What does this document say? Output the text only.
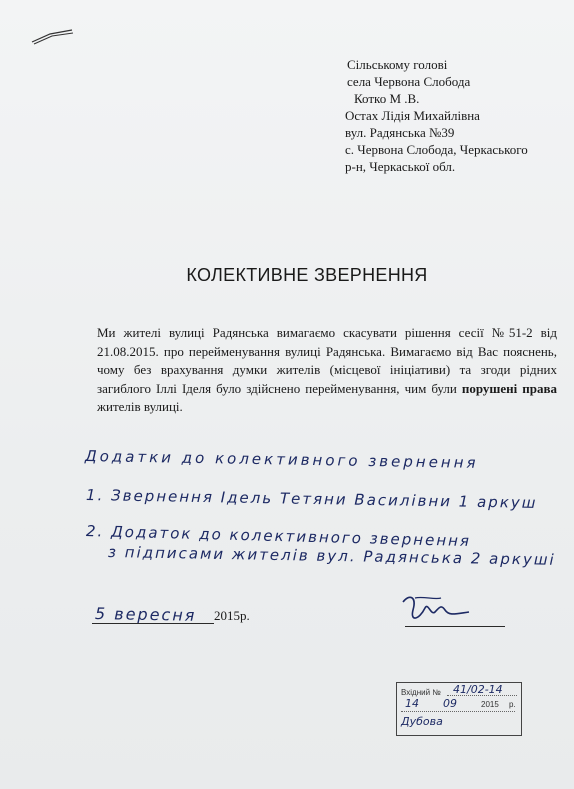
Сільському голові
села Червона Слобода
Котко М .В.
Остах Лідія Михайлівна
вул. Радянська №39
с. Червона Слобода, Черкаського
р-н, Черкаської обл.
КОЛЕКТИВНЕ ЗВЕРНЕННЯ

Ми жителі вулиці Радянська вимагаємо скасувати рішення сесії №51-2 від 21.08.2015. про перейменування вулиці Радянська. Вимагаємо від Вас пояснень, чому без врахування думки жителів (місцевої ініціативи) та згоди рідних загиблого Іллі Іделя було здійснено перейменування, чим були порушені права жителів вулиці.

Додатки до колективного звернення
1. Звернення Ідель Тетяни Василівни 1 аркуш
2. Додаток до колективного звернення
з підписами жителів вул. Радянська 2 аркуші
5 вересня 2015р.
Вхідний № 41/02-14
14 09	2015 р.
Дубова
